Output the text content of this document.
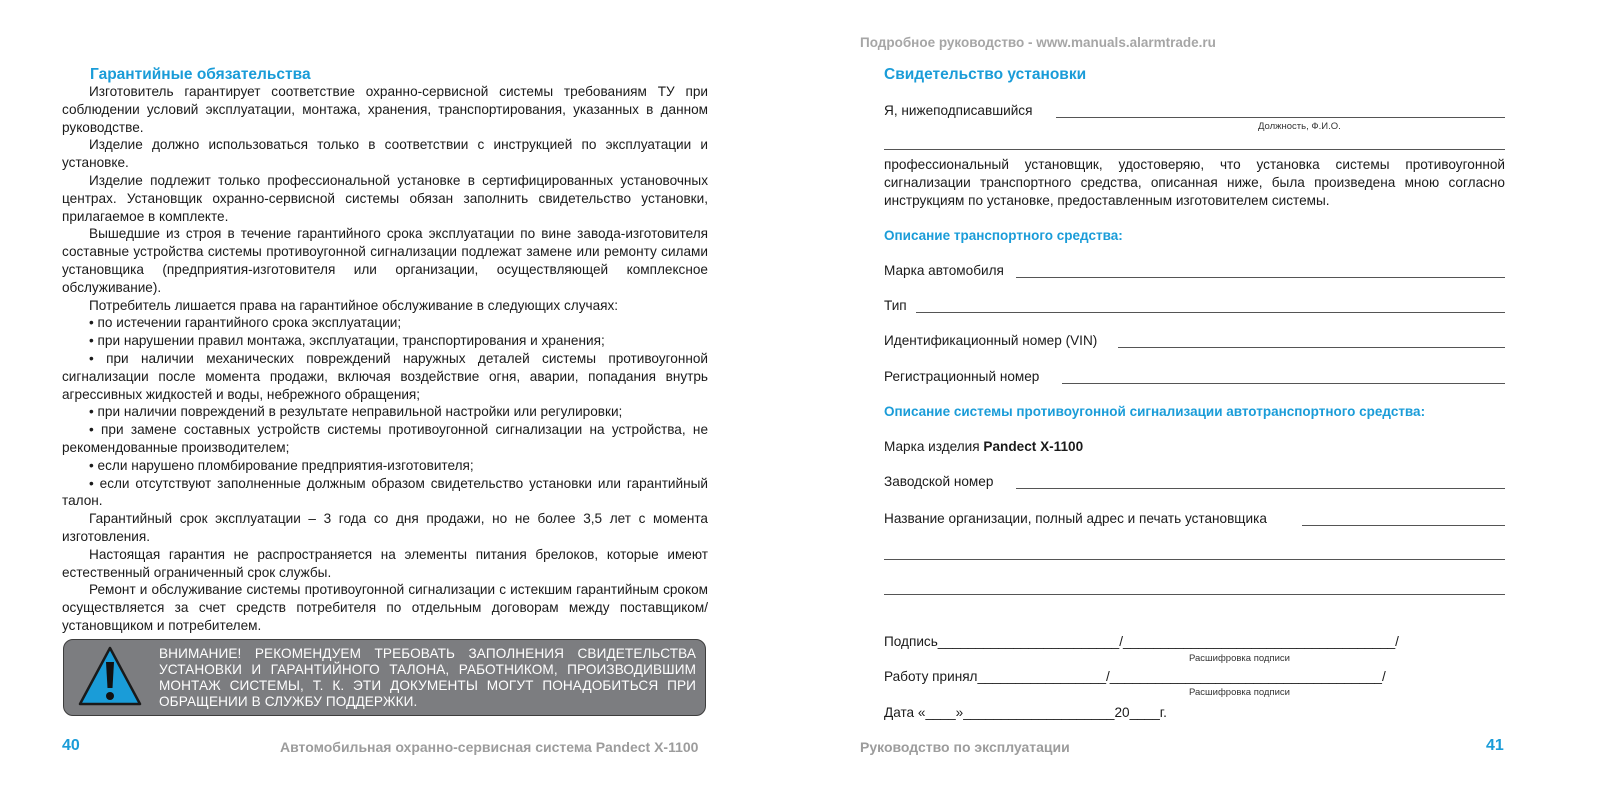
Гарантийные обязательства

Изготовитель гарантирует соответствие охранно-сервисной системы требованиям ТУ при соблюдении условий эксплуатации, монтажа, хранения, транспортирования, указанных в данном руководстве.

Изделие должно использоваться только в соответствии с инструкцией по эксплуатации и установке.

Изделие подлежит только профессиональной установке в сертифицированных установочных центрах. Установщик охранно-сервисной системы обязан заполнить свидетельство установки, прилагаемое в комплекте.

Вышедшие из строя в течение гарантийного срока эксплуатации по вине завода-изготовителя составные устройства системы противоугонной сигнализации подлежат замене или ремонту силами установщика (предприятия-изготовителя или организации, осуществляющей комплексное обслуживание).

Потребитель лишается права на гарантийное обслуживание в следующих случаях:

• по истечении гарантийного срока эксплуатации;

• при нарушении правил монтажа, эксплуатации, транспортирования и хранения;

• при наличии механических повреждений наружных деталей системы противоугонной сигнализации после момента продажи, включая воздействие огня, аварии, попадания внутрь агрессивных жидкостей и воды, небрежного обращения;

• при наличии повреждений в результате неправильной настройки или регулировки;

• при замене составных устройств системы противоугонной сигнализации на устройства, не рекомендованные производителем;

• если нарушено пломбирование предприятия-изготовителя;

• если отсутствуют заполненные должным образом свидетельство установки или гарантийный талон.

Гарантийный срок эксплуатации – 3 года со дня продажи, но не более 3,5 лет с момента изготовления.

Настоящая гарантия не распространяется на элементы питания брелоков, которые имеют естественный ограниченный срок службы.

Ремонт и обслуживание системы противоугонной сигнализации с истекшим гарантийным сроком осуществляется за счет средств потребителя по отдельным договорам между поставщиком/установщиком и потребителем.

ВНИМАНИЕ! РЕКОМЕНДУЕМ ТРЕБОВАТЬ ЗАПОЛНЕНИЯ СВИДЕТЕЛЬСТВА УСТАНОВКИ И ГАРАНТИЙНОГО ТАЛОНА, РАБОТНИКОМ, ПРОИЗВОДИВШИМ МОНТАЖ СИСТЕМЫ, Т. К. ЭТИ ДОКУМЕНТЫ МОГУТ ПОНАДОБИТЬСЯ ПРИ ОБРАЩЕНИИ В СЛУЖБУ ПОДДЕРЖКИ.

40	Автомобильная охранно-сервисная система Pandect X-1100
Подробное руководство - www.manuals.alarmtrade.ru
Свидетельство установки
Я, нижеподписавшийся
Должность, Ф.И.О.

профессиональный установщик, удостоверяю, что установка системы противоугонной сигнализации транспортного средства, описанная ниже, была произведена мною согласно инструкциям по установке, предоставленным изготовителем системы.

Описание транспортного средства:
Марка автомобиля
Тип
Идентификационный номер (VIN)
Регистрационный номер
Описание системы противоугонной сигнализации автотранспортного средства:
Марка изделия Pandect X-1100
Заводской номер
Название организации, полный адрес и печать установщика
Подпись________________________/____________________________________/
Расшифровка подписи
Работу принял_________________/____________________________________/
Расшифровка подписи
Дата «____»____________________20____г.
Руководство по эксплуатации	41
